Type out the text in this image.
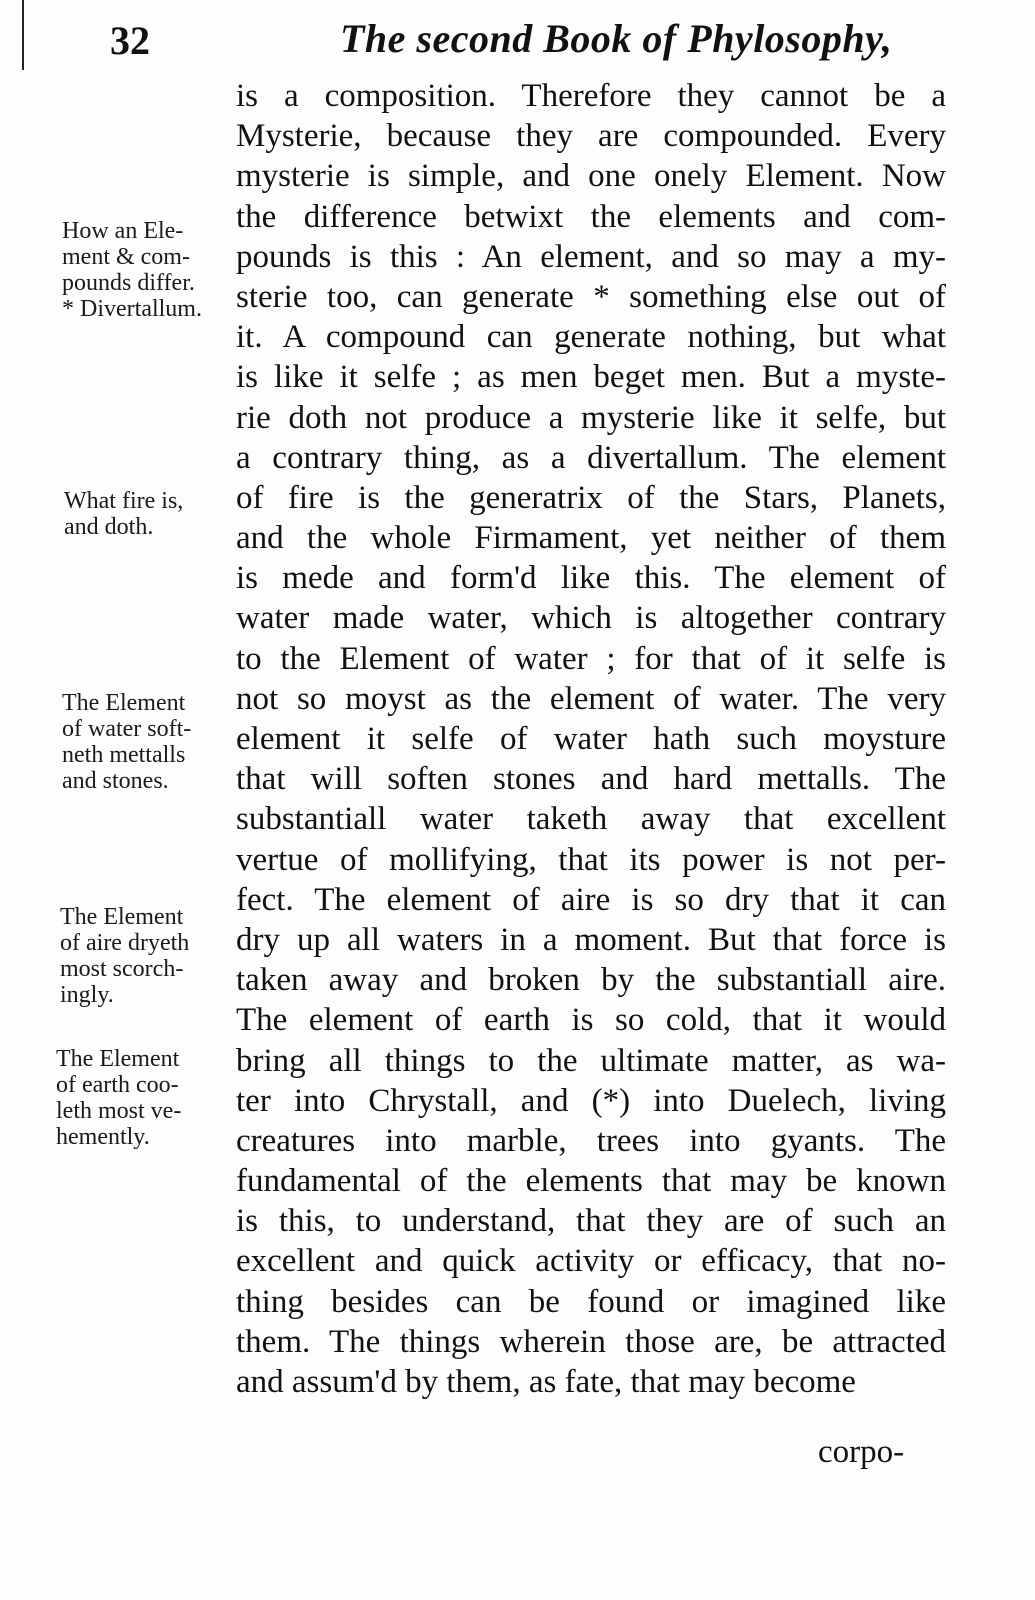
32	The second Book of Phylosophy,
is a composition. Therefore they cannot be a
Mysterie, because they are compounded. Every
mysterie is simple, and one onely Element. Now
the difference betwixt the elements and com-
pounds is this : An element, and so may a my-
sterie too, can generate * something else out of
it. A compound can generate nothing, but what
is like it selfe ; as men beget men. But a myste-
rie doth not produce a mysterie like it selfe, but
a contrary thing, as a divertallum. The element
of fire is the generatrix of the Stars, Planets,
and the whole Firmament, yet neither of them
is mede and form'd like this. The element of
water made water, which is altogether contrary
to the Element of water ; for that of it selfe is
not so moyst as the element of water. The very
element it selfe of water hath such moysture
that will soften stones and hard mettalls. The
substantiall water taketh away that excellent
vertue of mollifying, that its power is not per-
fect. The element of aire is so dry that it can
dry up all waters in a moment. But that force is
taken away and broken by the substantiall aire.
The element of earth is so cold, that it would
bring all things to the ultimate matter, as wa-
ter into Chrystall, and (*) into Duelech, living
creatures into marble, trees into gyants. The
fundamental of the elements that may be known
is this, to understand, that they are of such an
excellent and quick activity or efficacy, that no-
thing besides can be found or imagined like
them. The things wherein those are, be attracted
and assum'd by them, as fate, that may become
corpo-
How an Ele-
ment & com-
pounds differ.
* Divertallum.
What fire is,
and doth.
The Element
of water soft-
neth mettalls
and stones.
The Element
of aire dryeth
most scorch-
ingly.
The Element
of earth coo-
leth most ve-
hemently.
